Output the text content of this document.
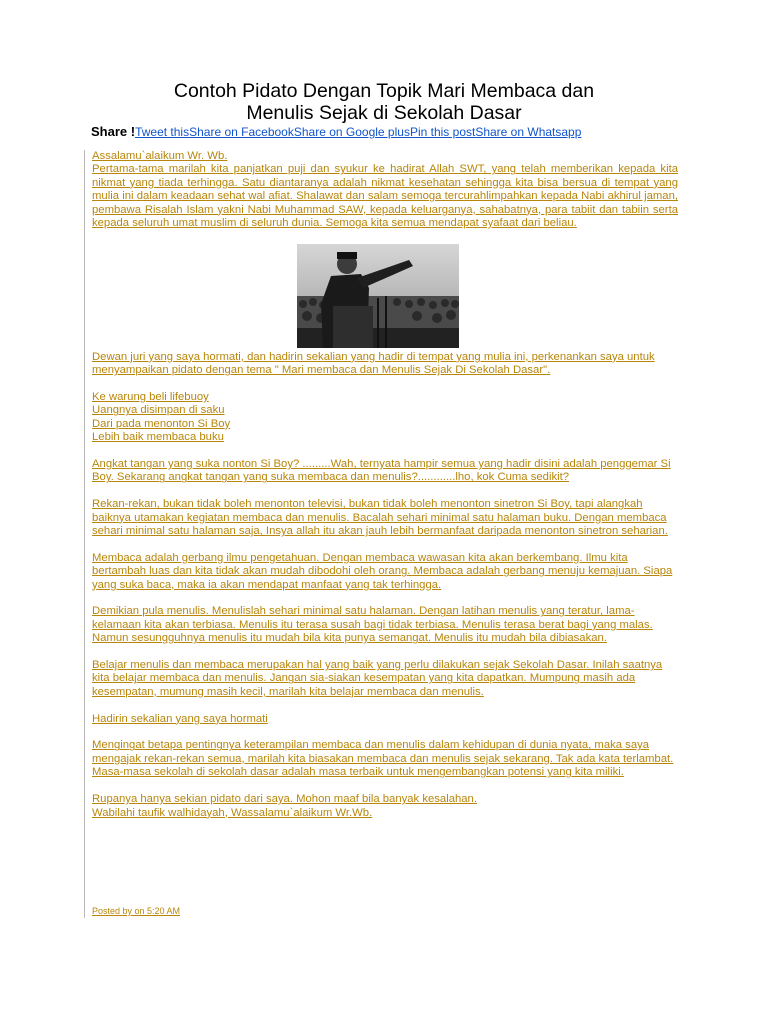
Contoh Pidato Dengan Topik Mari Membaca dan
Menulis Sejak di Sekolah Dasar
Share !Tweet thisShare on FacebookShare on Google plusPin this postShare on Whatsapp

Assalamu`alaikum Wr. Wb.
Pertama-tama marilah kita panjatkan puji dan syukur ke hadirat Allah SWT, yang telah memberikan kepada kita nikmat yang tiada terhingga. Satu diantaranya adalah nikmat kesehatan sehingga kita bisa bersua di tempat yang mulia ini dalam keadaan sehat wal afiat. Shalawat dan salam semoga tercurahlimpahkan kepada Nabi akhirul jaman, pembawa Risalah Islam yakni Nabi Muhammad SAW, kepada keluarganya, sahabatnya, para tabiit dan tabiin serta kepada seluruh umat muslim di seluruh dunia. Semoga kita semua mendapat syafaat dari beliau.

Dewan juri yang saya hormati, dan hadirin sekalian yang hadir di tempat yang mulia ini, perkenankan saya untuk menyampaikan pidato dengan tema " Mari membaca dan Menulis Sejak Di Sekolah Dasar".

Ke warung beli lifebuoy
Uangnya disimpan di saku
Dari pada menonton Si Boy
Lebih baik membaca buku

Angkat tangan yang suka nonton Si Boy? .........Wah, ternyata hampir semua yang hadir disini adalah penggemar Si Boy. Sekarang angkat tangan yang suka membaca dan menulis?............lho, kok Cuma sedikit?

Rekan-rekan, bukan tidak boleh menonton televisi, bukan tidak boleh menonton sinetron Si Boy, tapi alangkah baiknya utamakan kegiatan membaca dan menulis. Bacalah sehari minimal satu halaman buku. Dengan membaca sehari minimal satu halaman saja, Insya allah itu akan jauh lebih bermanfaat daripada menonton sinetron seharian.

Membaca adalah gerbang ilmu pengetahuan. Dengan membaca wawasan kita akan berkembang. Ilmu kita bertambah luas dan kita tidak akan mudah dibodohi oleh orang. Membaca adalah gerbang menuju kemajuan. Siapa yang suka baca, maka ia akan mendapat manfaat yang tak terhingga.

Demikian pula menulis. Menulislah sehari minimal satu halaman. Dengan latihan menulis yang teratur, lama-kelamaan kita akan terbiasa. Menulis itu terasa susah bagi tidak terbiasa. Menulis terasa berat bagi yang malas. Namun sesungguhnya menulis itu mudah bila kita punya semangat. Menulis itu mudah bila dibiasakan.

Belajar menulis dan membaca merupakan hal yang baik yang perlu dilakukan sejak Sekolah Dasar. Inilah saatnya kita belajar membaca dan menulis. Jangan sia-siakan kesempatan yang kita dapatkan. Mumpung masih ada kesempatan, mumung masih kecil, marilah kita belajar membaca dan menulis.

Hadirin sekalian yang saya hormati

Mengingat betapa pentingnya keterampilan membaca dan menulis dalam kehidupan di dunia nyata, maka saya mengajak rekan-rekan semua, marilah kita biasakan membaca dan menulis sejak sekarang. Tak ada kata terlambat. Masa-masa sekolah di sekolah dasar adalah masa terbaik untuk mengembangkan potensi yang kita miliki.

Rupanya hanya sekian pidato dari saya. Mohon maaf bila banyak kesalahan.
Wabilahi taufik walhidayah, Wassalamu`alaikum Wr.Wb.

Posted by on 5:20 AM
